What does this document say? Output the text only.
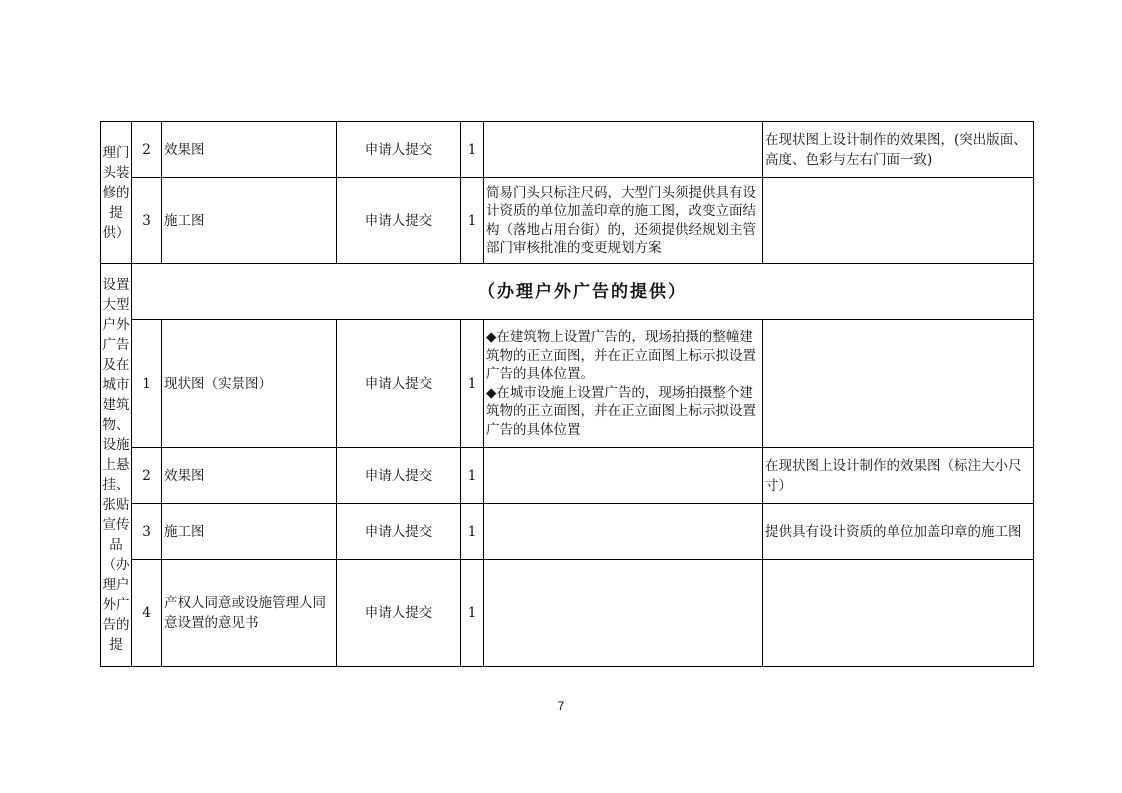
理门头装修的提供）	2	效果图	申请人提交	1		在现状图上设计制作的效果图，(突出版面、高度、色彩与左右门面一致)
	3	施工图	申请人提交	1	简易门头只标注尺码，大型门头须提供具有设计资质的单位加盖印章的施工图，改变立面结构（落地占用台街）的，还须提供经规划主管部门审核批准的变更规划方案	

设置大型户外广告及在城市建筑物、设施上悬挂、张贴宣传品（办理户外广告的提	（办理户外广告的提供）					
	1	现状图（实景图）	申请人提交	1	◆ 在建筑物上设置广告的，现场拍摄的整幢建筑物的正立面图，并在正立面图上标示拟设置广告的具体位置。
◆ 在城市设施上设置广告的，现场拍摄整个建筑物的正立面图，并在正立面图上标示拟设置广告的具体位置

	2	效果图	申请人提交	1		在现状图上设计制作的效果图（标注大小尺寸）
	3	施工图	申请人提交	1		提供具有设计资质的单位加盖印章的施工图
	4	产权人同意或设施管理人同意设置的意见书	申请人提交	1		
7
